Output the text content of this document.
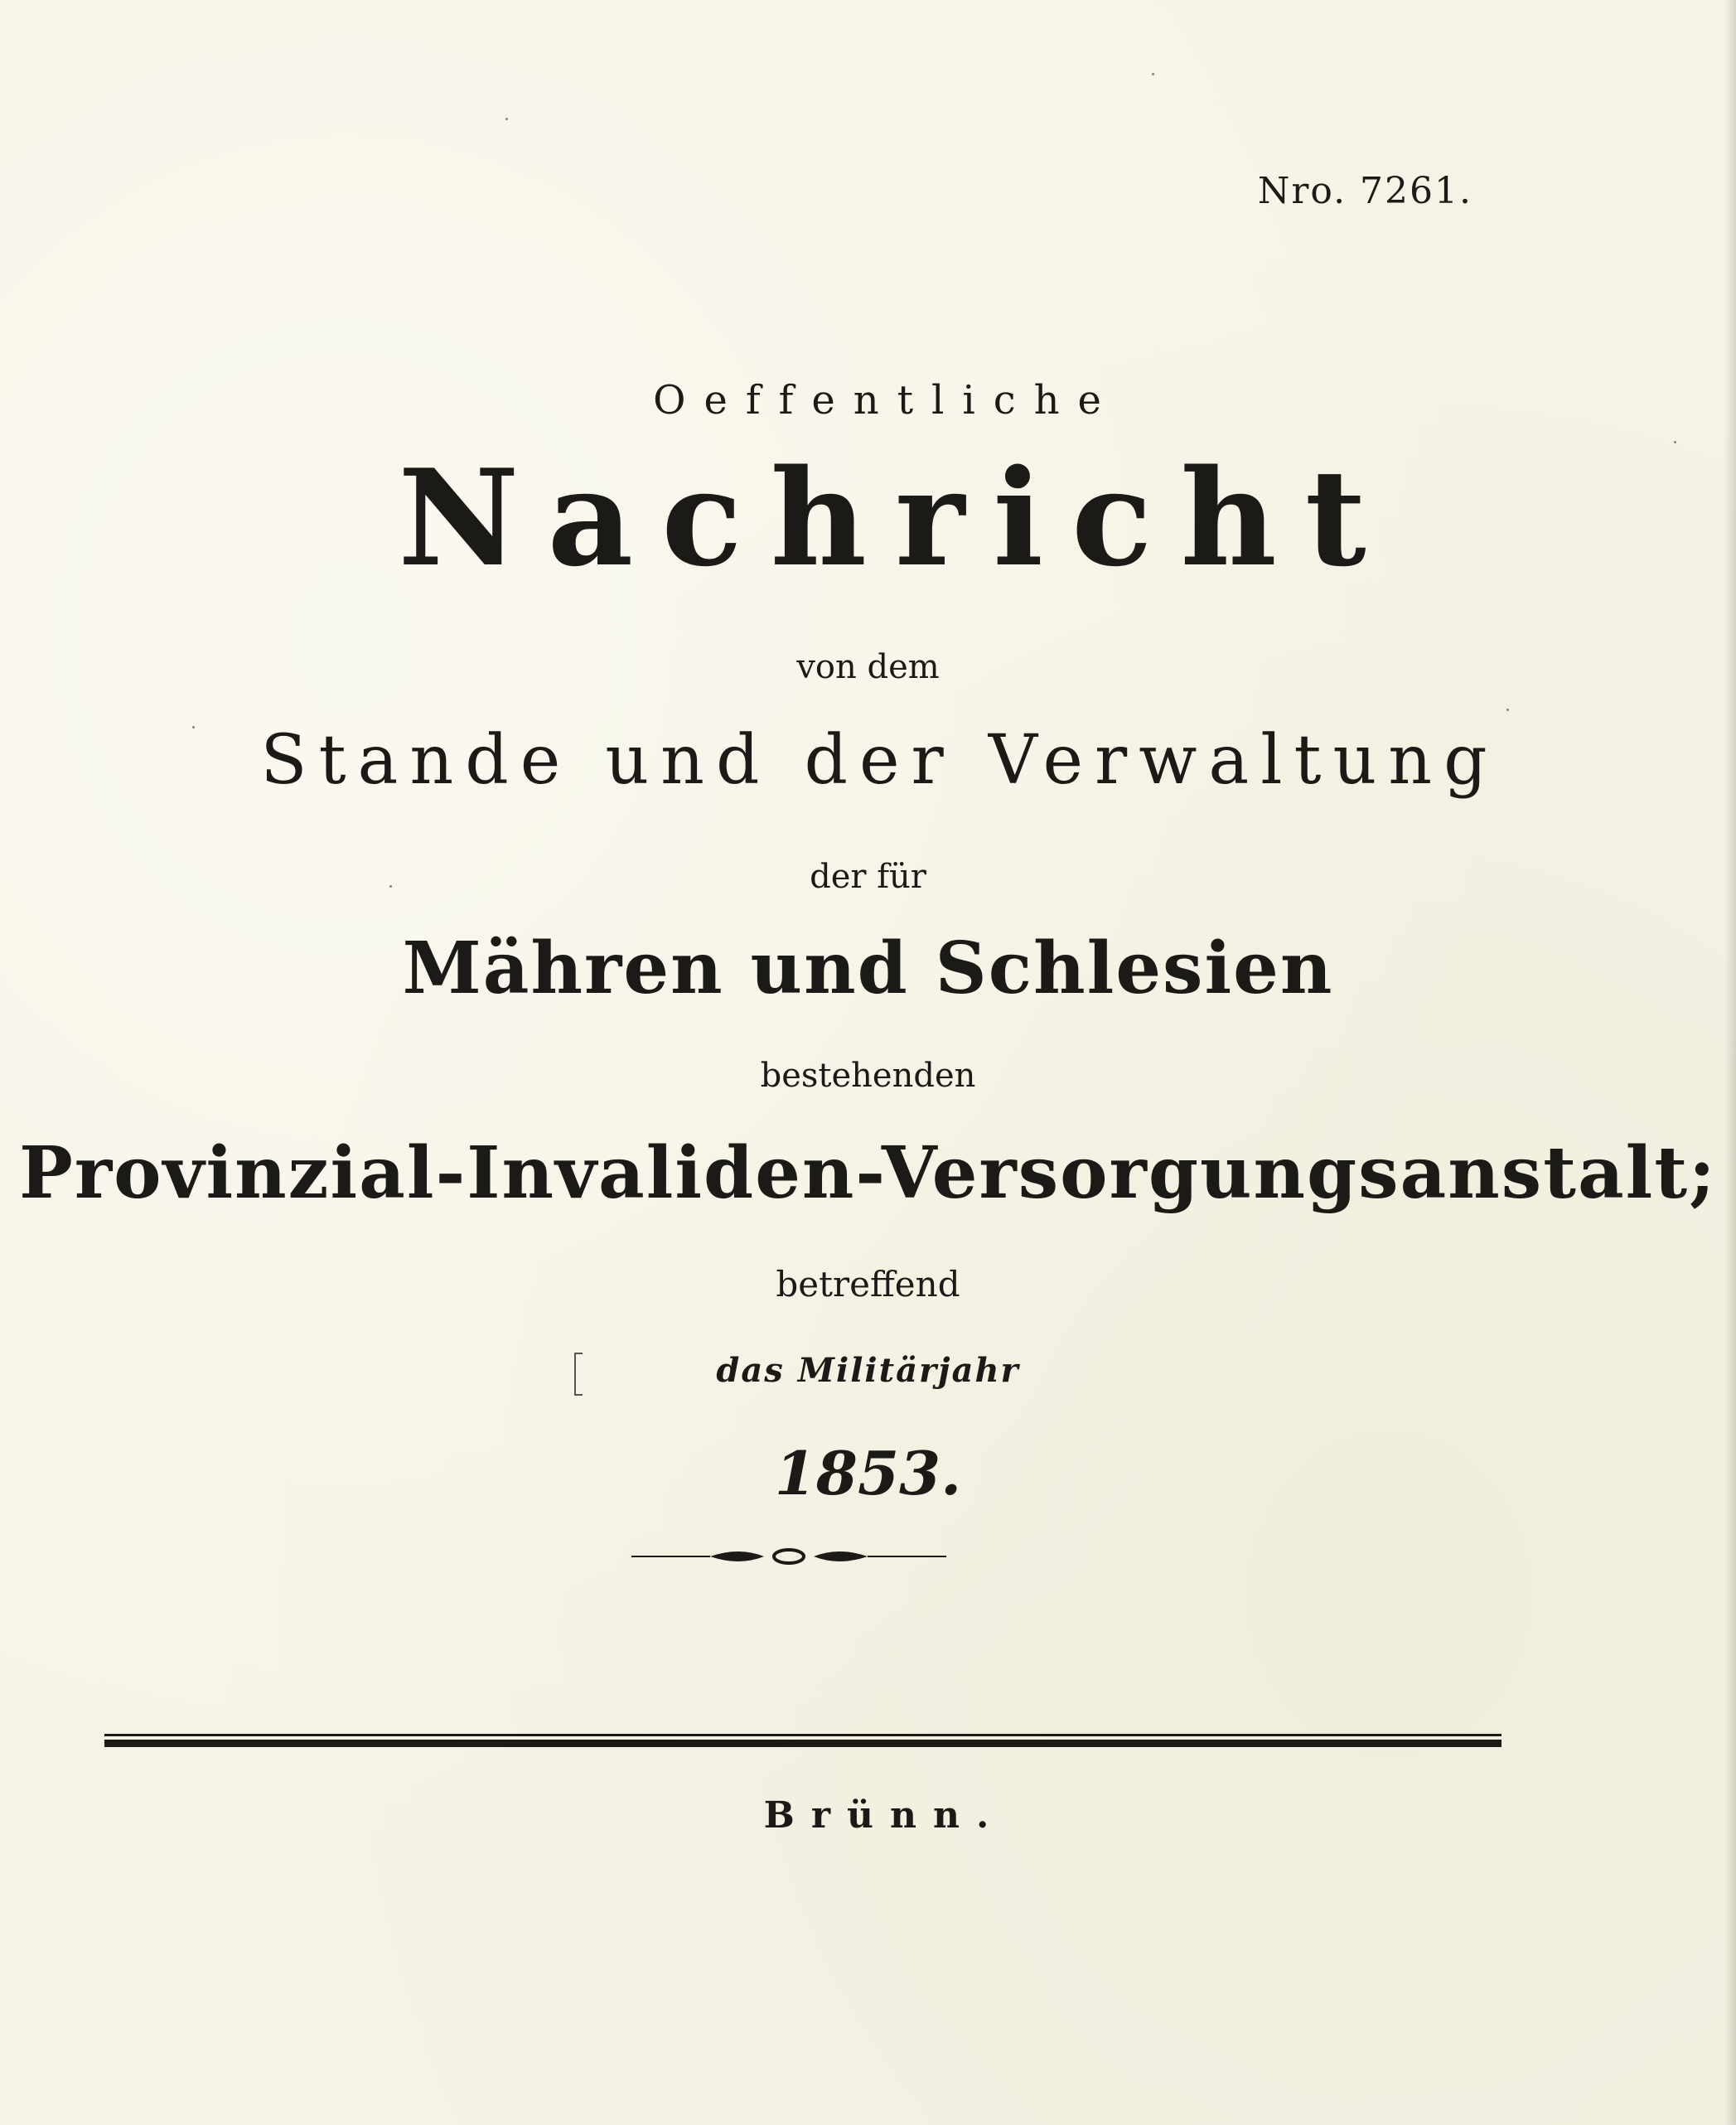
Nro. 7261.
Oeffentliche
Nachricht
von dem
Stande und der Verwaltung
der für
Mähren und Schlesien
bestehenden
Provinzial-Invaliden-Versorgungsanstalt;
betreffend
das Militärjahr
1853.
Brünn.
